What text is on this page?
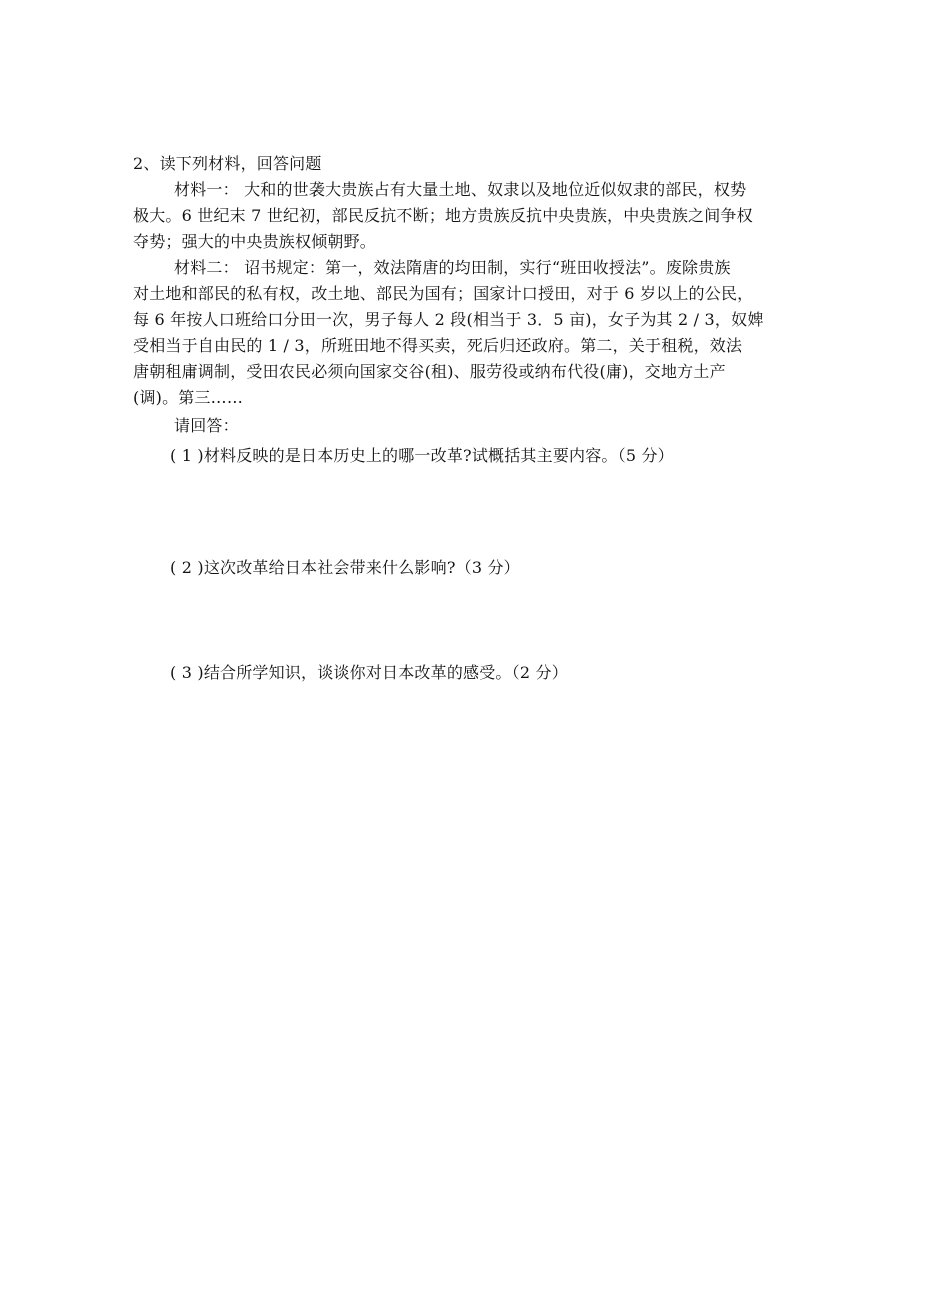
2、读下列材料，回答问题
材料一： 大和的世袭大贵族占有大量土地、奴隶以及地位近似奴隶的部民，权势
极大。6 世纪末 7 世纪初，部民反抗不断；地方贵族反抗中央贵族，中央贵族之间争权
夺势；强大的中央贵族权倾朝野。
材料二： 诏书规定：第一，效法隋唐的均田制，实行“班田收授法”。废除贵族
对土地和部民的私有权，改土地、部民为国有；国家计口授田，对于 6 岁以上的公民，
每 6 年按人口班给口分田一次，男子每人 2 段(相当于 3．5 亩)，女子为其 2 / 3，奴婢
受相当于自由民的 1 / 3，所班田地不得买卖，死后归还政府。第二，关于租税，效法
唐朝租庸调制，受田农民必须向国家交谷(租)、服劳役或纳布代役(庸)，交地方土产
(调)。第三……
请回答：
( 1 )材料反映的是日本历史上的哪一改革?试概括其主要内容。（5 分）
( 2 )这次改革给日本社会带来什么影响?（3 分）
( 3 )结合所学知识，谈谈你对日本改革的感受。（2 分）
